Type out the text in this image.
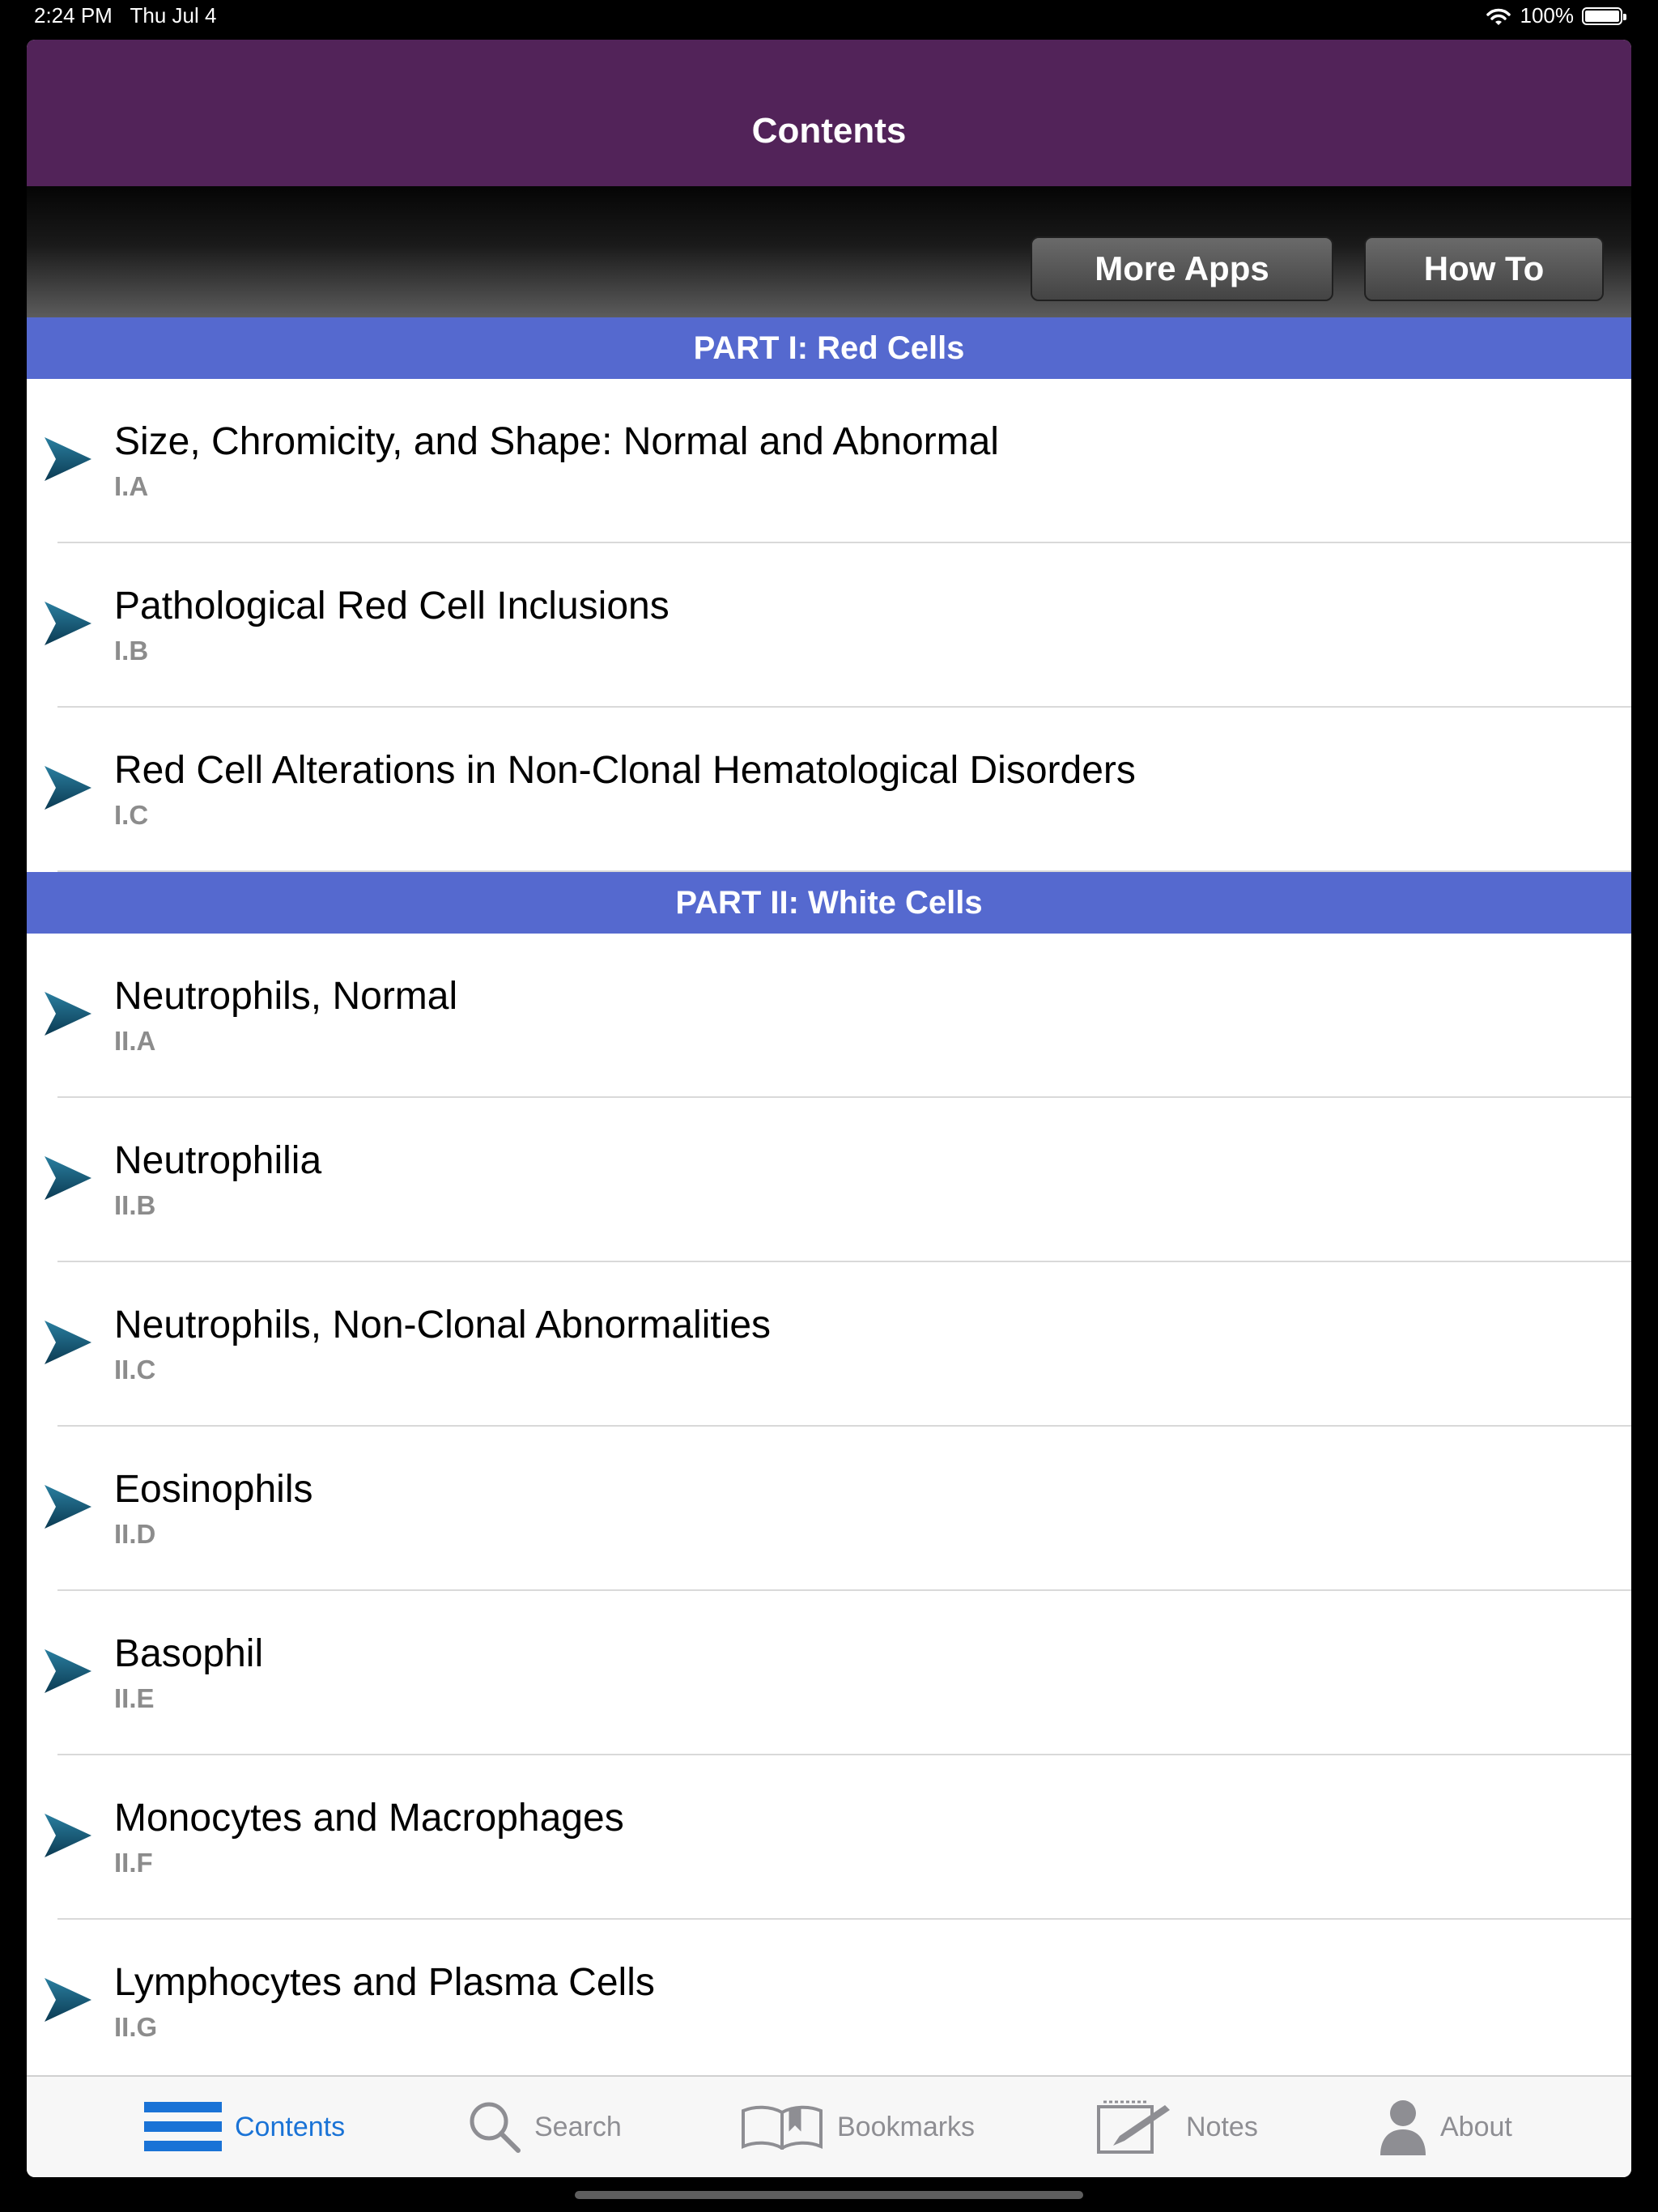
2:24 PM Thu Jul 4	100%
Contents
More Apps	How To
PART I: Red Cells
Size, Chromicity, and Shape: Normal and Abnormal
I.A
Pathological Red Cell Inclusions
I.B
Red Cell Alterations in Non-Clonal Hematological Disorders
I.C
PART II: White Cells
Neutrophils, Normal
II.A
Neutrophilia
II.B
Neutrophils, Non-Clonal Abnormalities
II.C
Eosinophils
II.D
Basophil
II.E
Monocytes and Macrophages
II.F
Lymphocytes and Plasma Cells
II.G
Contents	Search	Bookmarks	Notes	About
